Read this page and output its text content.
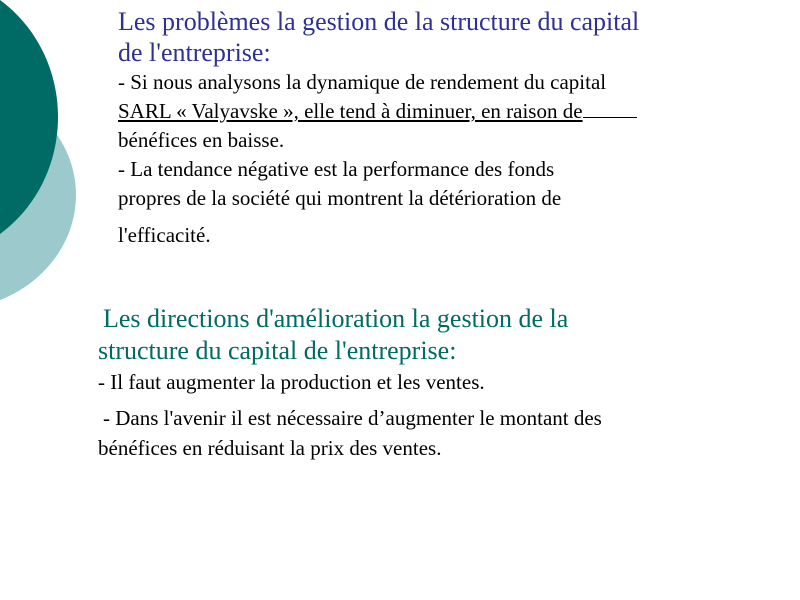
Les problèmes la gestion de la structure du capital
de l'entreprise:
- Si nous analysons la dynamique de rendement du capital
SARL « Valyavske », elle tend à diminuer, en raison de
bénéfices en baisse.
- La tendance négative est la performance des fonds
propres de la société qui montrent la détérioration de
l'efficacité.
Les directions d'amélioration la gestion de la
structure du capital de l'entreprise:
- Il faut augmenter la production et les ventes.
- Dans l'avenir il est nécessaire d’augmenter le montant des
bénéfices en réduisant la prix des ventes.
